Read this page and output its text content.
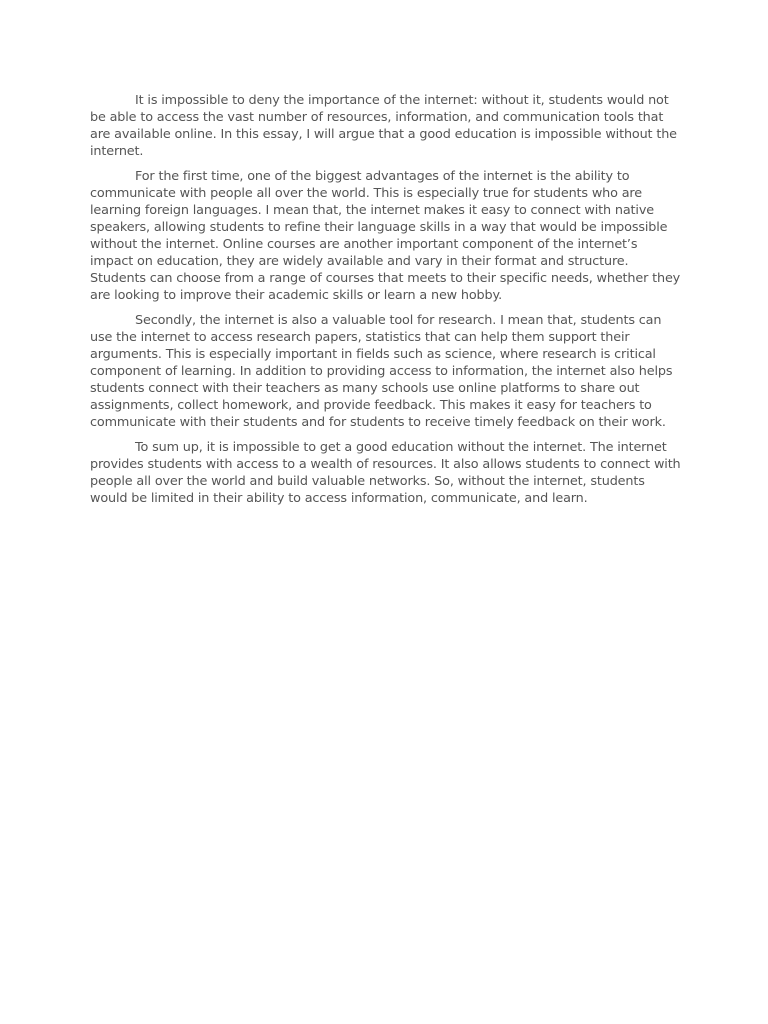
It is impossible to deny the importance of the internet: without it, students would not be able to access the vast number of resources, information, and communication tools that are available online. In this essay, I will argue that a good education is impossible without the internet.

For the first time, one of the biggest advantages of the internet is the ability to communicate with people all over the world. This is especially true for students who are learning foreign languages. I mean that, the internet makes it easy to connect with native speakers, allowing students to refine their language skills in a way that would be impossible without the internet. Online courses are another important component of the internet’s impact on education, they are widely available and vary in their format and structure. Students can choose from a range of courses that meets to their specific needs, whether they are looking to improve their academic skills or learn a new hobby.

Secondly, the internet is also a valuable tool for research. I mean that, students can use the internet to access research papers, statistics that can help them support their arguments. This is especially important in fields such as science, where research is critical component of learning. In addition to providing access to information, the internet also helps students connect with their teachers as many schools use online platforms to share out assignments, collect homework, and provide feedback. This makes it easy for teachers to communicate with their students and for students to receive timely feedback on their work.

To sum up, it is impossible to get a good education without the internet. The internet provides students with access to a wealth of resources. It also allows students to connect with people all over the world and build valuable networks. So, without the internet, students would be limited in their ability to access information, communicate, and learn.
